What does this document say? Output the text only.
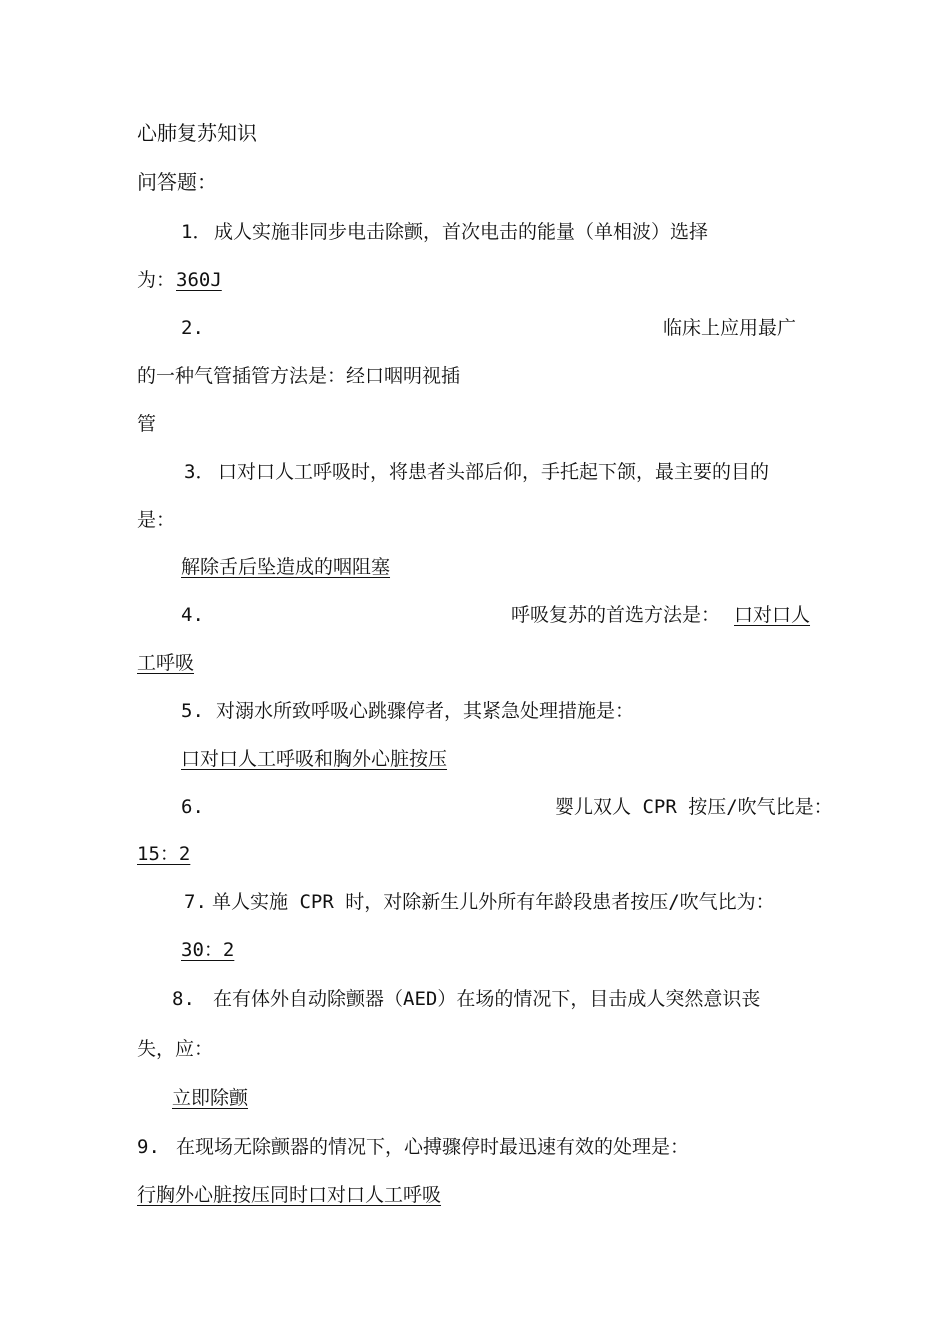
心肺复苏知识
问答题：
1． 成人实施非同步电击除颤，首次电击的能量（单相波）选择
为： 360J
2.	临床上应用最广
的一种气管插管方法是：经口咽明视插
管
3． 口对口人工呼吸时，将患者头部后仰，手托起下颌，最主要的目的
是：
解除舌后坠造成的咽阻塞
4.	呼吸复苏的首选方法是： 口对口人
工呼吸
5. 对溺水所致呼吸心跳骤停者，其紧急处理措施是：
口对口人工呼吸和胸外心脏按压
6.	婴儿双人 CPR 按压/吹气比是：
15：2
7. 单人实施 CPR 时，对除新生儿外所有年龄段患者按压/吹气比为：
30：2
8. 在有体外自动除颤器（AED）在场的情况下，目击成人突然意识丧
失，应：
立即除颤
9. 在现场无除颤器的情况下，心搏骤停时最迅速有效的处理是：
行胸外心脏按压同时口对口人工呼吸
